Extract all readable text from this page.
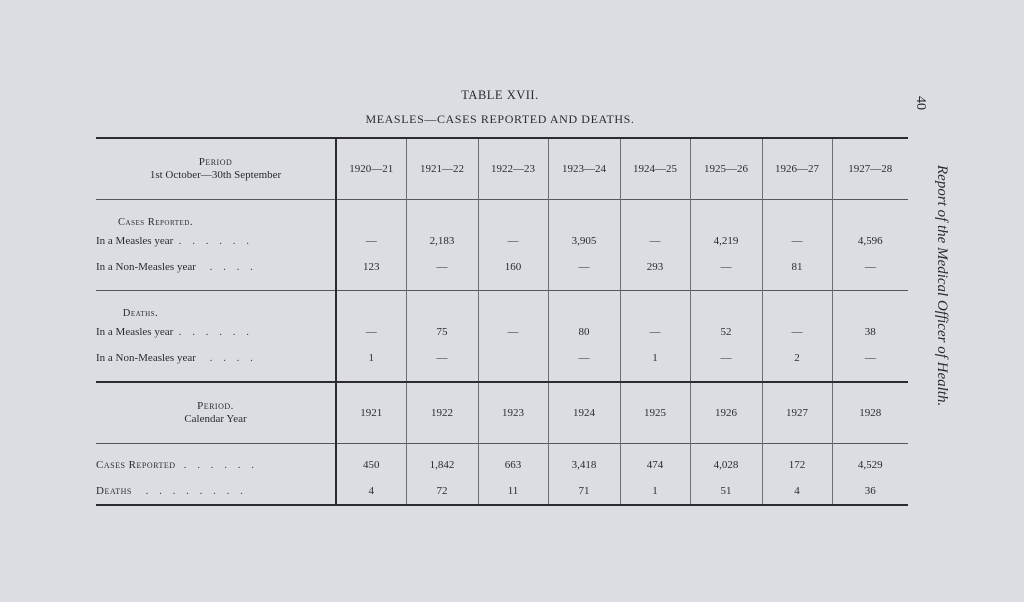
40
TABLE XVII.
MEASLES—CASES REPORTED AND DEATHS.
Report of the Medical Officer of Health.
Period
1st October—30th September	1920—21	1921—22	1922—23	1923—24	1924—25	1925—26	1926—27	1927—28
Cases Reported.								
In a Measles year . . . . . .	—	2,183	—	3,905	—	4,219	—	4,596
In a Non-Measles year . . . .	123	—	160	—	293	—	81	—

Deaths.								
In a Measles year . . . . . .	—	75	—	80	—	52	—	38
In a Non-Measles year . . . .	1	—		—	1	—	2	—

Period.
Calendar Year	1921	1922	1923	1924	1925	1926	1927	1928
Cases Reported . . . . . .	450	1,842	663	3,418	474	4,028	172	4,529
Deaths . . . . . . . .	4	72	11	71	1	51	4	36
